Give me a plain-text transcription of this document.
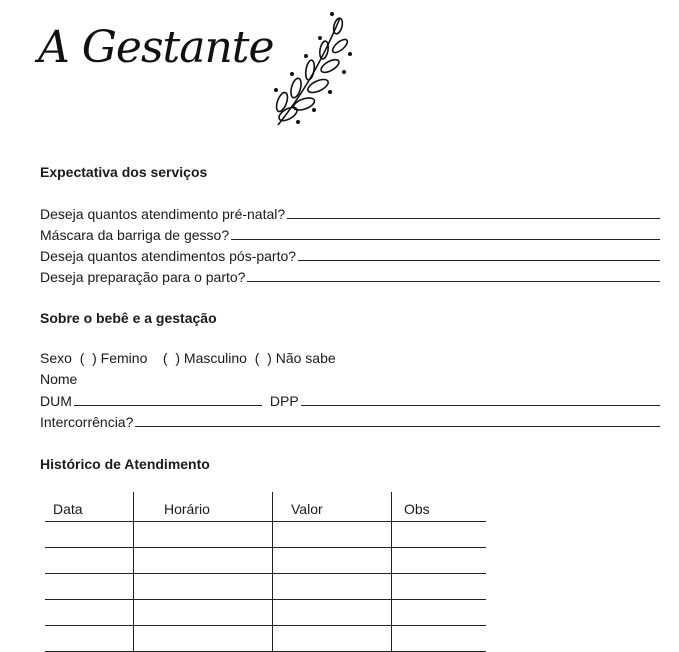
A Gestante
Expectativa dos serviços
Deseja quantos atendimento pré-natal?
Máscara da barriga de gesso?
Deseja quantos atendimentos pós-parto?
Deseja preparação para o parto?
Sobre o bebê e a gestação
Sexo  (  ) Femino    (  ) Masculino  (  ) Não sabe
Nome
DUM	DPP
Intercorrência?
Histórico de Atendimento
Data	Horário	Valor	Obs
